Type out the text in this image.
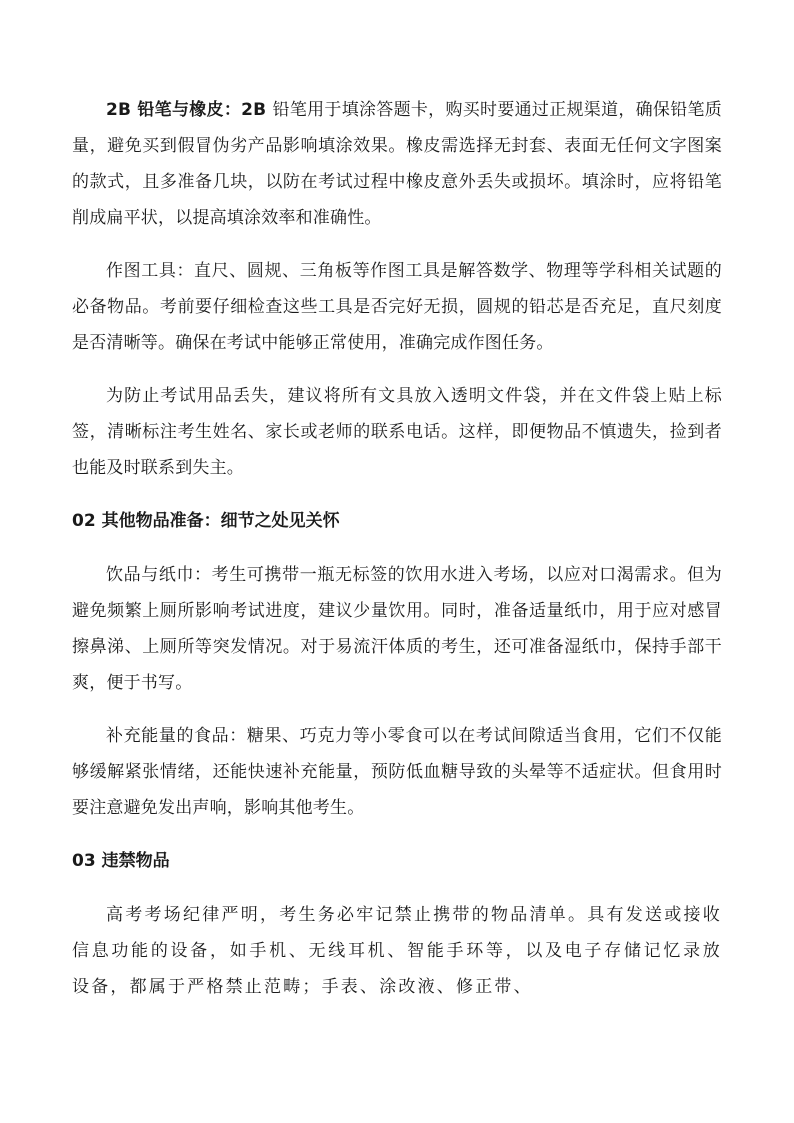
2B 铅笔与橡皮：2B 铅笔用于填涂答题卡，购买时要通过正规渠道，确保铅笔质量，避免买到假冒伪劣产品影响填涂效果。橡皮需选择无封套、表面无任何文字图案的款式，且多准备几块，以防在考试过程中橡皮意外丢失或损坏。填涂时，应将铅笔削成扁平状，以提高填涂效率和准确性。

作图工具：直尺、圆规、三角板等作图工具是解答数学、物理等学科相关试题的必备物品。考前要仔细检查这些工具是否完好无损，圆规的铅芯是否充足，直尺刻度是否清晰等。确保在考试中能够正常使用，准确完成作图任务。

为防止考试用品丢失，建议将所有文具放入透明文件袋，并在文件袋上贴上标签，清晰标注考生姓名、家长或老师的联系电话。这样，即便物品不慎遗失，捡到者也能及时联系到失主。

02 其他物品准备：细节之处见关怀

饮品与纸巾：考生可携带一瓶无标签的饮用水进入考场，以应对口渴需求。但为避免频繁上厕所影响考试进度，建议少量饮用。同时，准备适量纸巾，用于应对感冒擦鼻涕、上厕所等突发情况。对于易流汗体质的考生，还可准备湿纸巾，保持手部干爽，便于书写。

补充能量的食品：糖果、巧克力等小零食可以在考试间隙适当食用，它们不仅能够缓解紧张情绪，还能快速补充能量，预防低血糖导致的头晕等不适症状。但食用时要注意避免发出声响，影响其他考生。

03 违禁物品

高考考场纪律严明，考生务必牢记禁止携带的物品清单。具有发送或接收信息功能的设备，如手机、无线耳机、智能手环等，以及电子存储记忆录放设备，都属于严格禁止范畴；手表、涂改液、修正带、
